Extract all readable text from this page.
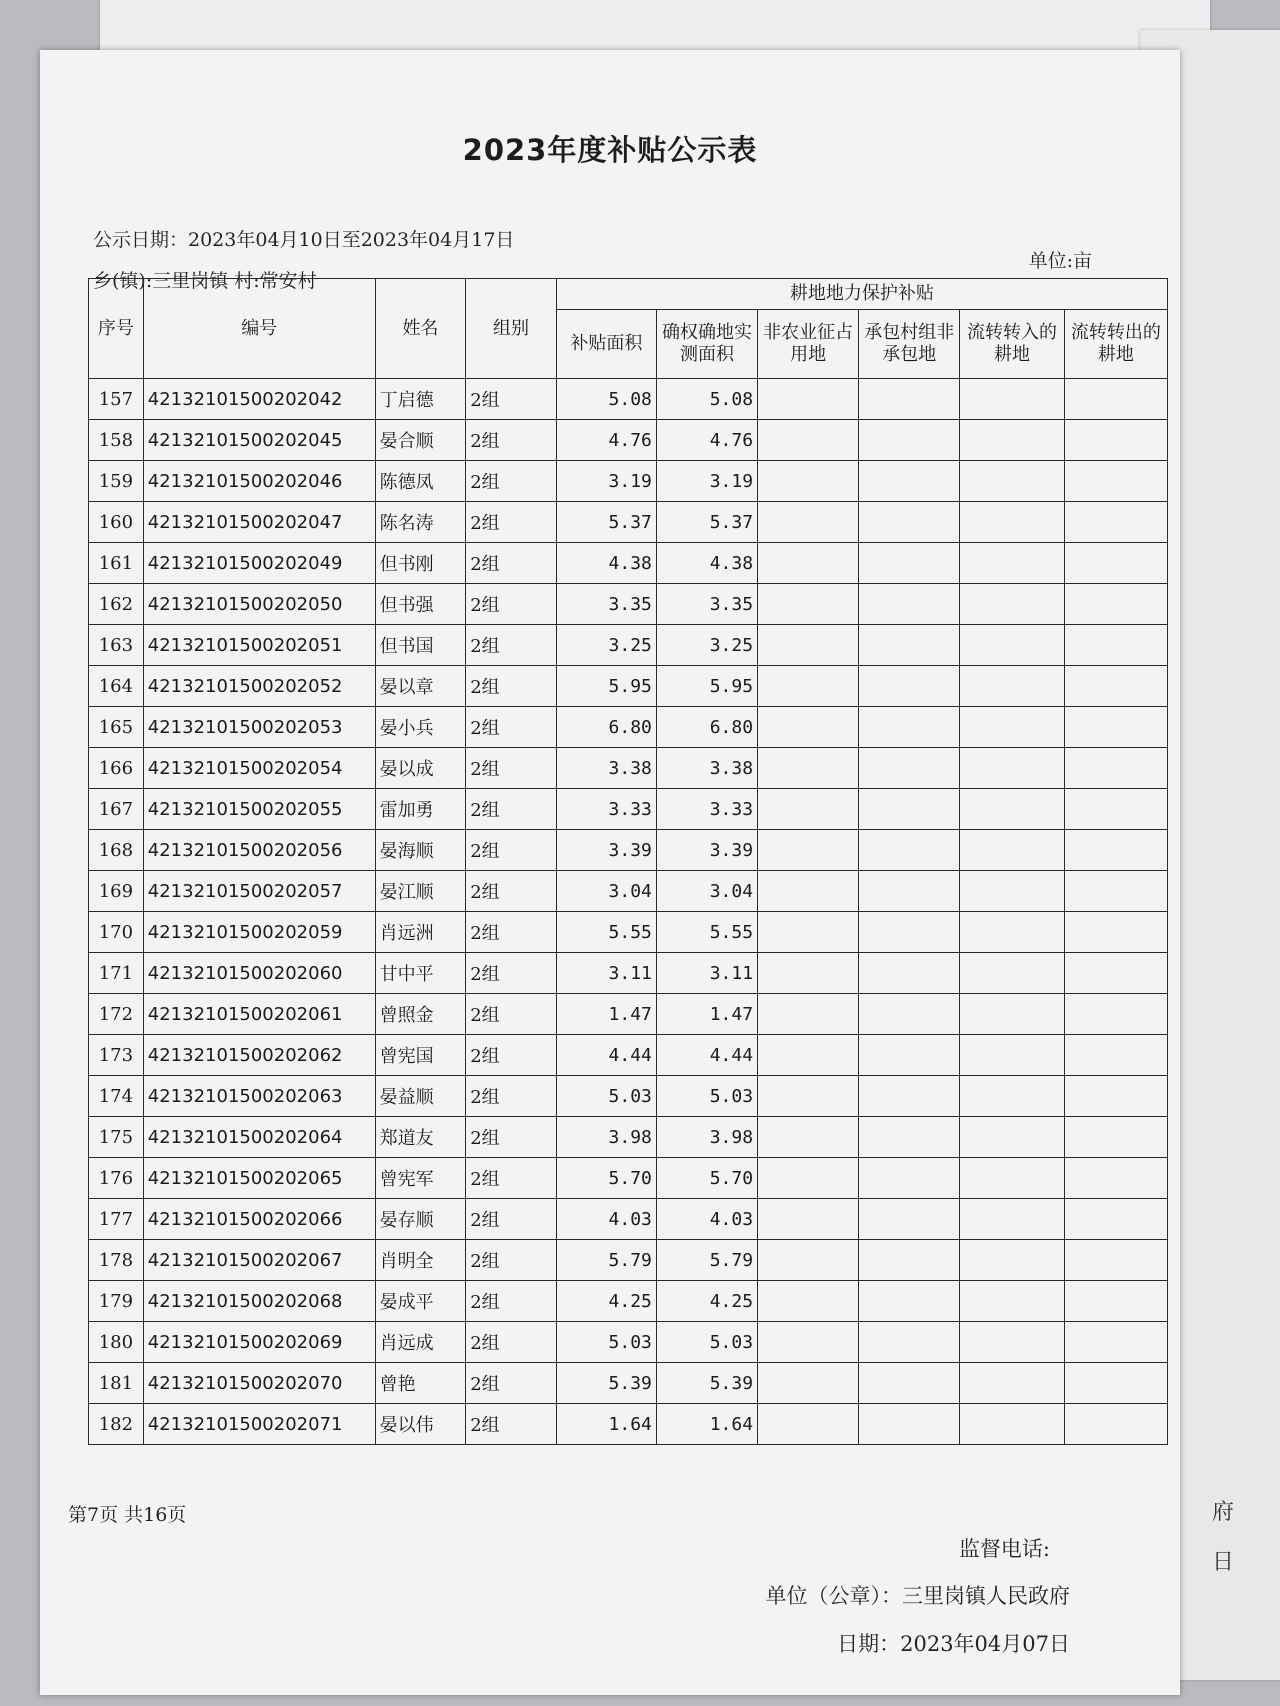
府
日
2023年度补贴公示表
公示日期：2023年04月10日至2023年04月17日
乡(镇):三里岗镇 村:常安村
单位:亩
序号	编号	姓名	组别	耕地地力保护补贴					
				补贴面积	确权确地实测面积	非农业征占用地	承包村组非承包地	流转转入的耕地	流转转出的耕地
157	42132101500202042	丁启德	2组	5.08	5.08				
158	42132101500202045	晏合顺	2组	4.76	4.76				
159	42132101500202046	陈德凤	2组	3.19	3.19				
160	42132101500202047	陈名涛	2组	5.37	5.37				
161	42132101500202049	但书刚	2组	4.38	4.38				
162	42132101500202050	但书强	2组	3.35	3.35				
163	42132101500202051	但书国	2组	3.25	3.25				
164	42132101500202052	晏以章	2组	5.95	5.95				
165	42132101500202053	晏小兵	2组	6.80	6.80				
166	42132101500202054	晏以成	2组	3.38	3.38				
167	42132101500202055	雷加勇	2组	3.33	3.33				
168	42132101500202056	晏海顺	2组	3.39	3.39				
169	42132101500202057	晏江顺	2组	3.04	3.04				
170	42132101500202059	肖远洲	2组	5.55	5.55				
171	42132101500202060	甘中平	2组	3.11	3.11				
172	42132101500202061	曾照金	2组	1.47	1.47				
173	42132101500202062	曾宪国	2组	4.44	4.44				
174	42132101500202063	晏益顺	2组	5.03	5.03				
175	42132101500202064	郑道友	2组	3.98	3.98				
176	42132101500202065	曾宪军	2组	5.70	5.70				
177	42132101500202066	晏存顺	2组	4.03	4.03				
178	42132101500202067	肖明全	2组	5.79	5.79				
179	42132101500202068	晏成平	2组	4.25	4.25				
180	42132101500202069	肖远成	2组	5.03	5.03				
181	42132101500202070	曾艳	2组	5.39	5.39				
182	42132101500202071	晏以伟	2组	1.64	1.64				
第7页 共16页
监督电话:
单位（公章）：三里岗镇人民政府
日期：2023年04月07日
